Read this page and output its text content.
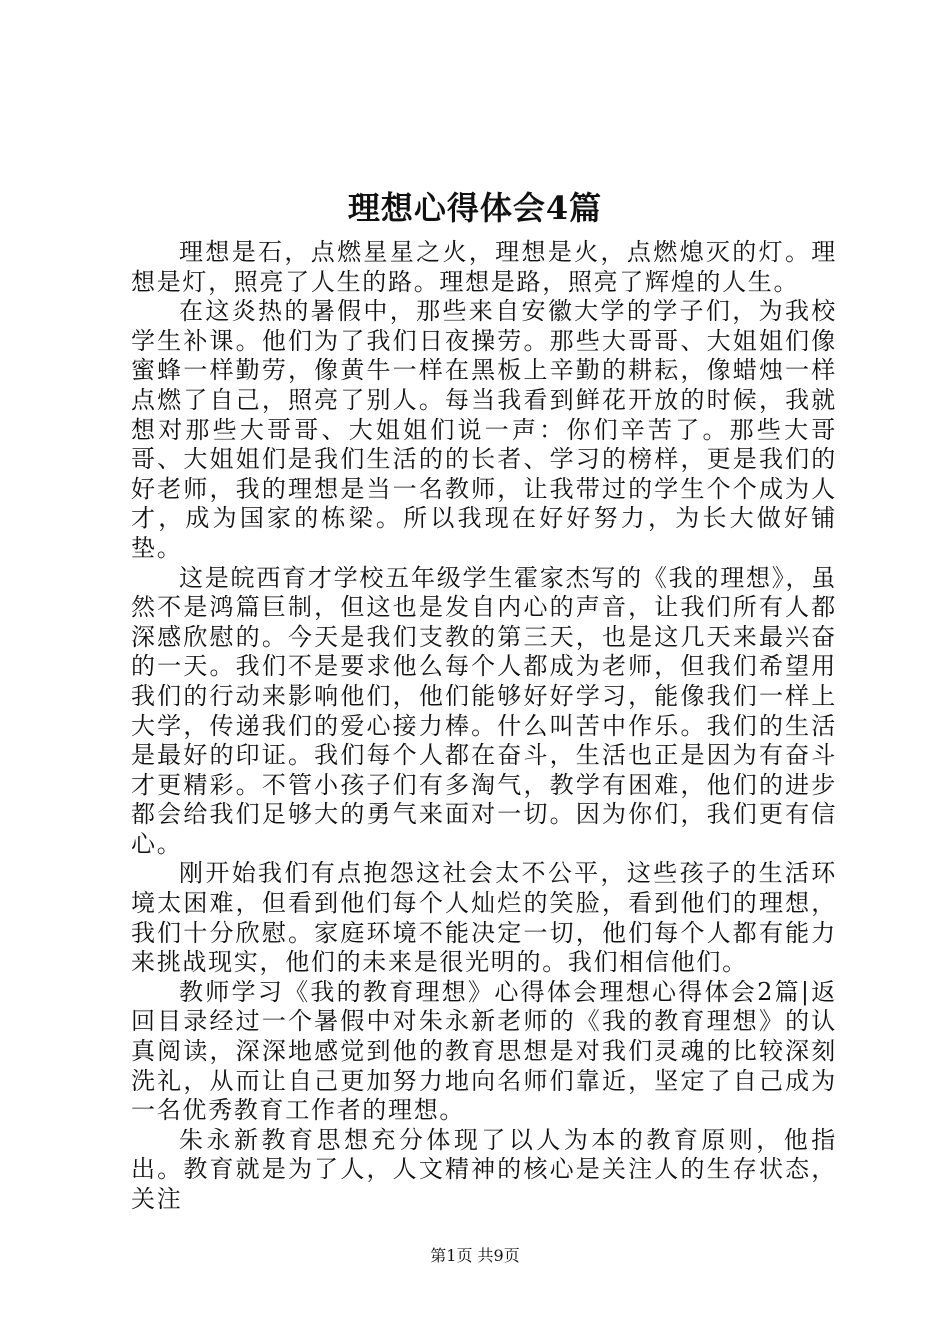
理想心得体会4篇

理想是石，点燃星星之火，理想是火，点燃熄灭的灯。理想是灯，照亮了人生的路。理想是路，照亮了辉煌的人生。

在这炎热的暑假中，那些来自安徽大学的学子们，为我校学生补课。他们为了我们日夜操劳。那些大哥哥、大姐姐们像蜜蜂一样勤劳，像黄牛一样在黑板上辛勤的耕耘，像蜡烛一样点燃了自己，照亮了别人。每当我看到鲜花开放的时候，我就想对那些大哥哥、大姐姐们说一声：你们辛苦了。那些大哥哥、大姐姐们是我们生活的的长者、学习的榜样，更是我们的好老师，我的理想是当一名教师，让我带过的学生个个成为人才，成为国家的栋梁。所以我现在好好努力，为长大做好铺垫。

这是皖西育才学校五年级学生霍家杰写的《我的理想》，虽然不是鸿篇巨制，但这也是发自内心的声音，让我们所有人都深感欣慰的。今天是我们支教的第三天，也是这几天来最兴奋的一天。我们不是要求他么每个人都成为老师，但我们希望用我们的行动来影响他们，他们能够好好学习，能像我们一样上大学，传递我们的爱心接力棒。什么叫苦中作乐。我们的生活是最好的印证。我们每个人都在奋斗，生活也正是因为有奋斗才更精彩。不管小孩子们有多淘气，教学有困难，他们的进步都会给我们足够大的勇气来面对一切。因为你们，我们更有信心。

刚开始我们有点抱怨这社会太不公平，这些孩子的生活环境太困难，但看到他们每个人灿烂的笑脸，看到他们的理想，我们十分欣慰。家庭环境不能决定一切，他们每个人都有能力来挑战现实，他们的未来是很光明的。我们相信他们。

教师学习《我的教育理想》心得体会理想心得体会2篇|返回目录经过一个暑假中对朱永新老师的《我的教育理想》的认真阅读，深深地感觉到他的教育思想是对我们灵魂的比较深刻洗礼，从而让自己更加努力地向名师们靠近，坚定了自己成为一名优秀教育工作者的理想。

朱永新教育思想充分体现了以人为本的教育原则，他指出。教育就是为了人，人文精神的核心是关注人的生存状态，关注

第1页 共9页
